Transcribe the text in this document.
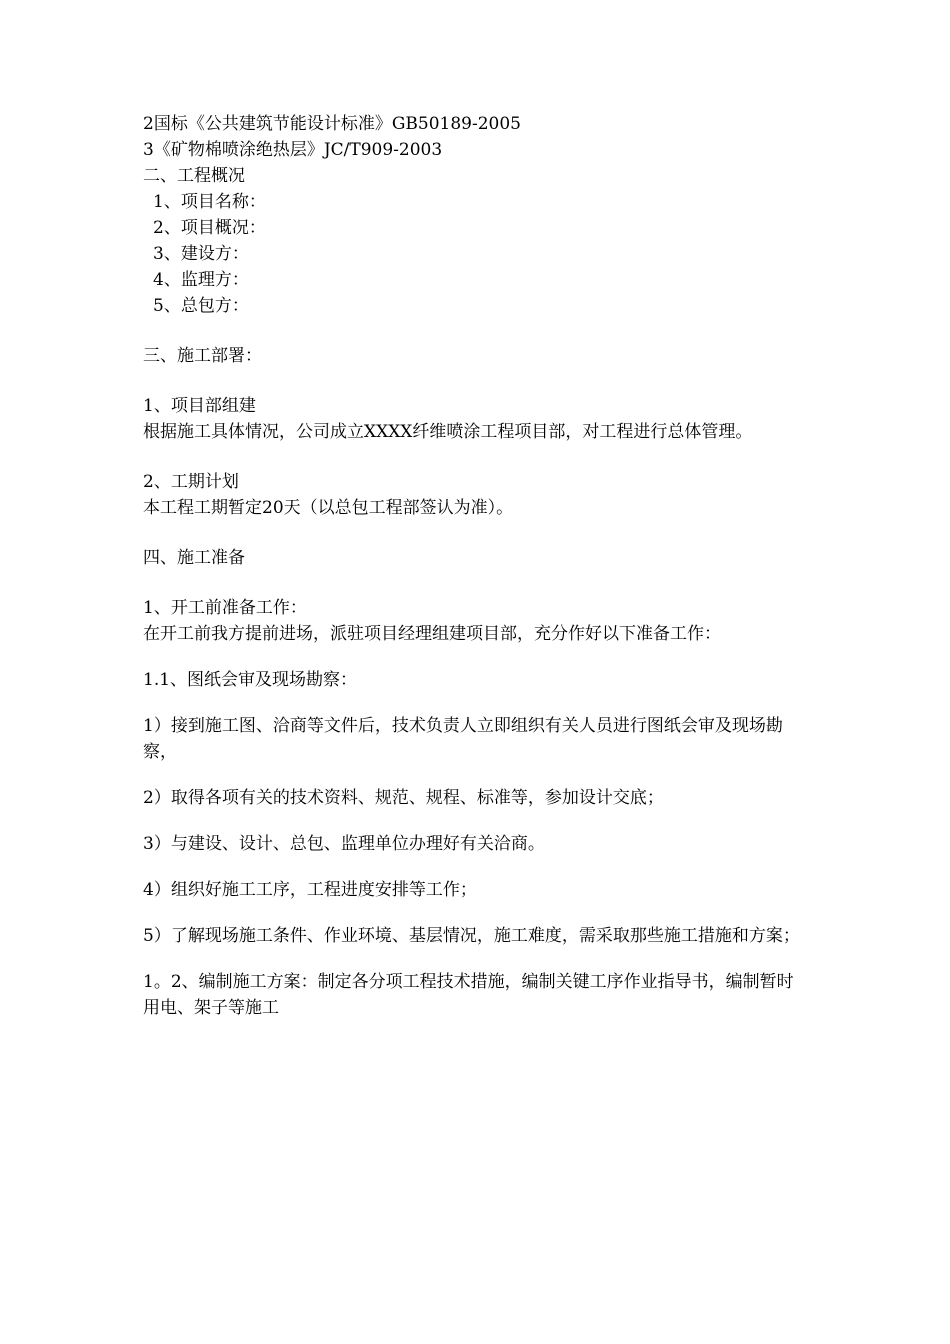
2国标《公共建筑节能设计标准》GB50189-2005

3《矿物棉喷涂绝热层》JC/T909-2003

二、工程概况

1、项目名称：

2、项目概况：

3、建设方：

4、监理方：

5、总包方：

三、施工部署：

1、项目部组建

根据施工具体情况，公司成立XXXX纤维喷涂工程项目部，对工程进行总体管理。

2、工期计划

本工程工期暂定20天（以总包工程部签认为准）。

四、施工准备

1、开工前准备工作：

在开工前我方提前进场，派驻项目经理组建项目部，充分作好以下准备工作：

1.1、图纸会审及现场勘察：

1）接到施工图、洽商等文件后，技术负责人立即组织有关人员进行图纸会审及现场勘察，

2）取得各项有关的技术资料、规范、规程、标准等，参加设计交底；

3）与建设、设计、总包、监理单位办理好有关洽商。

4）组织好施工工序，工程进度安排等工作；

5）了解现场施工条件、作业环境、基层情况，施工难度，需采取那些施工措施和方案；

1。2、编制施工方案：制定各分项工程技术措施，编制关键工序作业指导书，编制暂时用电、架子等施工
